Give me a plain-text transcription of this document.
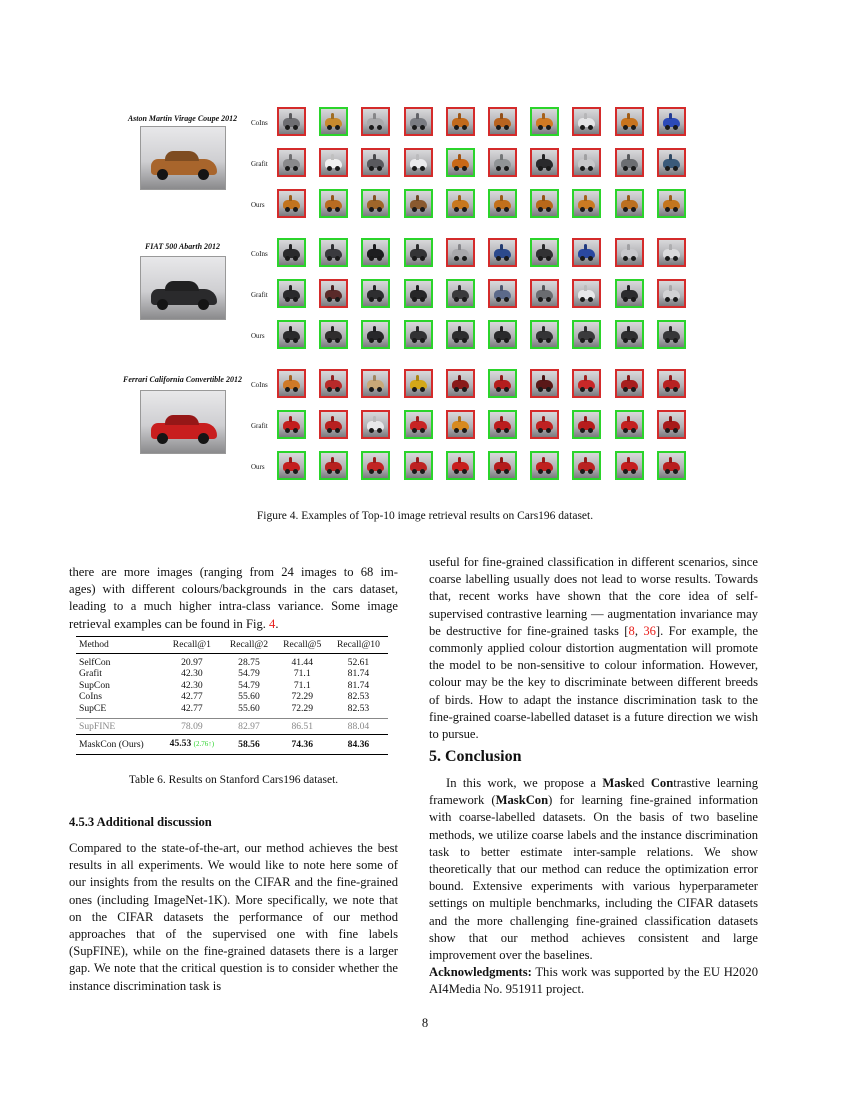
Aston Martin Virage Coupe 2012	CoIns
Grafit
Ours
FIAT 500 Abarth 2012
CoIns
Grafit
Ours
Ferrari California Convertible 2012
CoIns
Grafit
Ours
Figure 4. Examples of Top-10 image retrieval results on Cars196 dataset.
there are more images (ranging from 24 images to 68 im-
ages) with different colours/backgrounds in the cars dataset,
leading to a much higher intra-class variance. Some image
retrieval examples can be found in Fig. 4.
Method	Recall@1	Recall@2	Recall@5	Recall@10
SelfCon	20.97	28.75	41.44	52.61
Grafit	42.30	54.79	71.1	81.74
SupCon	42.30	54.79	71.1	81.74
CoIns	42.77	55.60	72.29	82.53
SupCE	42.77	55.60	72.29	82.53
SupFINE	78.09	82.97	86.51	88.04
MaskCon (Ours)	45.53 (2.76↑)	58.56	74.36	84.36
Table 6. Results on Stanford Cars196 dataset.
4.5.3 Additional discussion
Compared to the state-of-the-art, our method achieves the best results in all experiments. We would like to note here some of our insights from the results on the CIFAR and the fine-grained ones (including ImageNet-1K). More specifically, we note that on the CIFAR datasets the performance of our method approaches that of the supervised one with fine labels (SupFINE), while on the fine-grained datasets there is a larger gap. We note that the critical question is to consider whether the instance discrimination task is
useful for fine-grained classification in different scenarios, since coarse labelling usually does not lead to worse results. Towards that, recent works have shown that the core idea of self-supervised contrastive learning — augmentation invariance may be destructive for fine-grained tasks [8, 36]. For example, the commonly applied colour distortion augmentation will promote the model to be non-sensitive to colour information. However, colour may be the key to discriminate between different breeds of birds. How to adapt the instance discrimination task to the fine-grained coarse-labelled dataset is a future direction we wish to pursue.
5. Conclusion
In this work, we propose a Masked Contrastive learning framework (MaskCon) for learning fine-grained information with coarse-labelled datasets. On the basis of two baseline methods, we utilize coarse labels and the instance discrimination task to better estimate inter-sample relations. We show theoretically that our method can reduce the optimization error bound. Extensive experiments with various hyperparameter settings on multiple benchmarks, including the CIFAR datasets and the more challenging fine-grained classification datasets show that our method achieves consistent and large improvement over the baselines.
Acknowledgments: This work was supported by the EU H2020 AI4Media No. 951911 project.
8
